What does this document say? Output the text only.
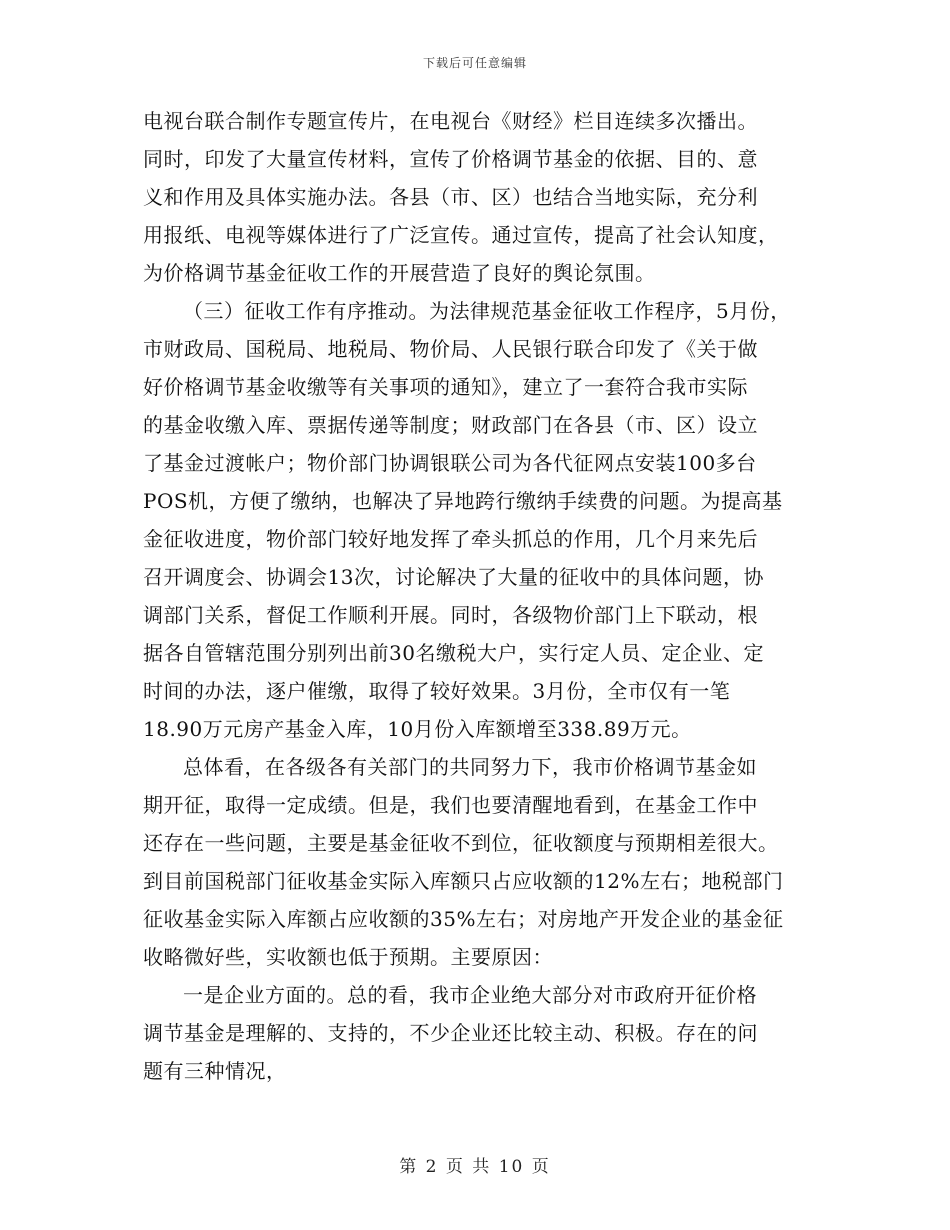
下载后可任意编辑
电视台联合制作专题宣传片，在电视台《财经》栏目连续多次播出。
同时，印发了大量宣传材料，宣传了价格调节基金的依据、目的、意
义和作用及具体实施办法。各县（市、区）也结合当地实际，充分利
用报纸、电视等媒体进行了广泛宣传。通过宣传，提高了社会认知度，
为价格调节基金征收工作的开展营造了良好的舆论氛围。
（三）征收工作有序推动。为法律规范基金征收工作程序，5月份，
市财政局、国税局、地税局、物价局、人民银行联合印发了《关于做
好价格调节基金收缴等有关事项的通知》，建立了一套符合我市实际
的基金收缴入库、票据传递等制度；财政部门在各县（市、区）设立
了基金过渡帐户；物价部门协调银联公司为各代征网点安装100多台
POS机，方便了缴纳，也解决了异地跨行缴纳手续费的问题。为提高基
金征收进度，物价部门较好地发挥了牵头抓总的作用，几个月来先后
召开调度会、协调会13次，讨论解决了大量的征收中的具体问题，协
调部门关系，督促工作顺利开展。同时，各级物价部门上下联动，根
据各自管辖范围分别列出前30名缴税大户，实行定人员、定企业、定
时间的办法，逐户催缴，取得了较好效果。3月份，全市仅有一笔
18.90万元房产基金入库，10月份入库额增至338.89万元。
总体看，在各级各有关部门的共同努力下，我市价格调节基金如
期开征，取得一定成绩。但是，我们也要清醒地看到，在基金工作中
还存在一些问题，主要是基金征收不到位，征收额度与预期相差很大。
到目前国税部门征收基金实际入库额只占应收额的12%左右；地税部门
征收基金实际入库额占应收额的35%左右；对房地产开发企业的基金征
收略微好些，实收额也低于预期。主要原因：
一是企业方面的。总的看，我市企业绝大部分对市政府开征价格
调节基金是理解的、支持的，不少企业还比较主动、积极。存在的问
题有三种情况，
第 2 页 共 10 页
